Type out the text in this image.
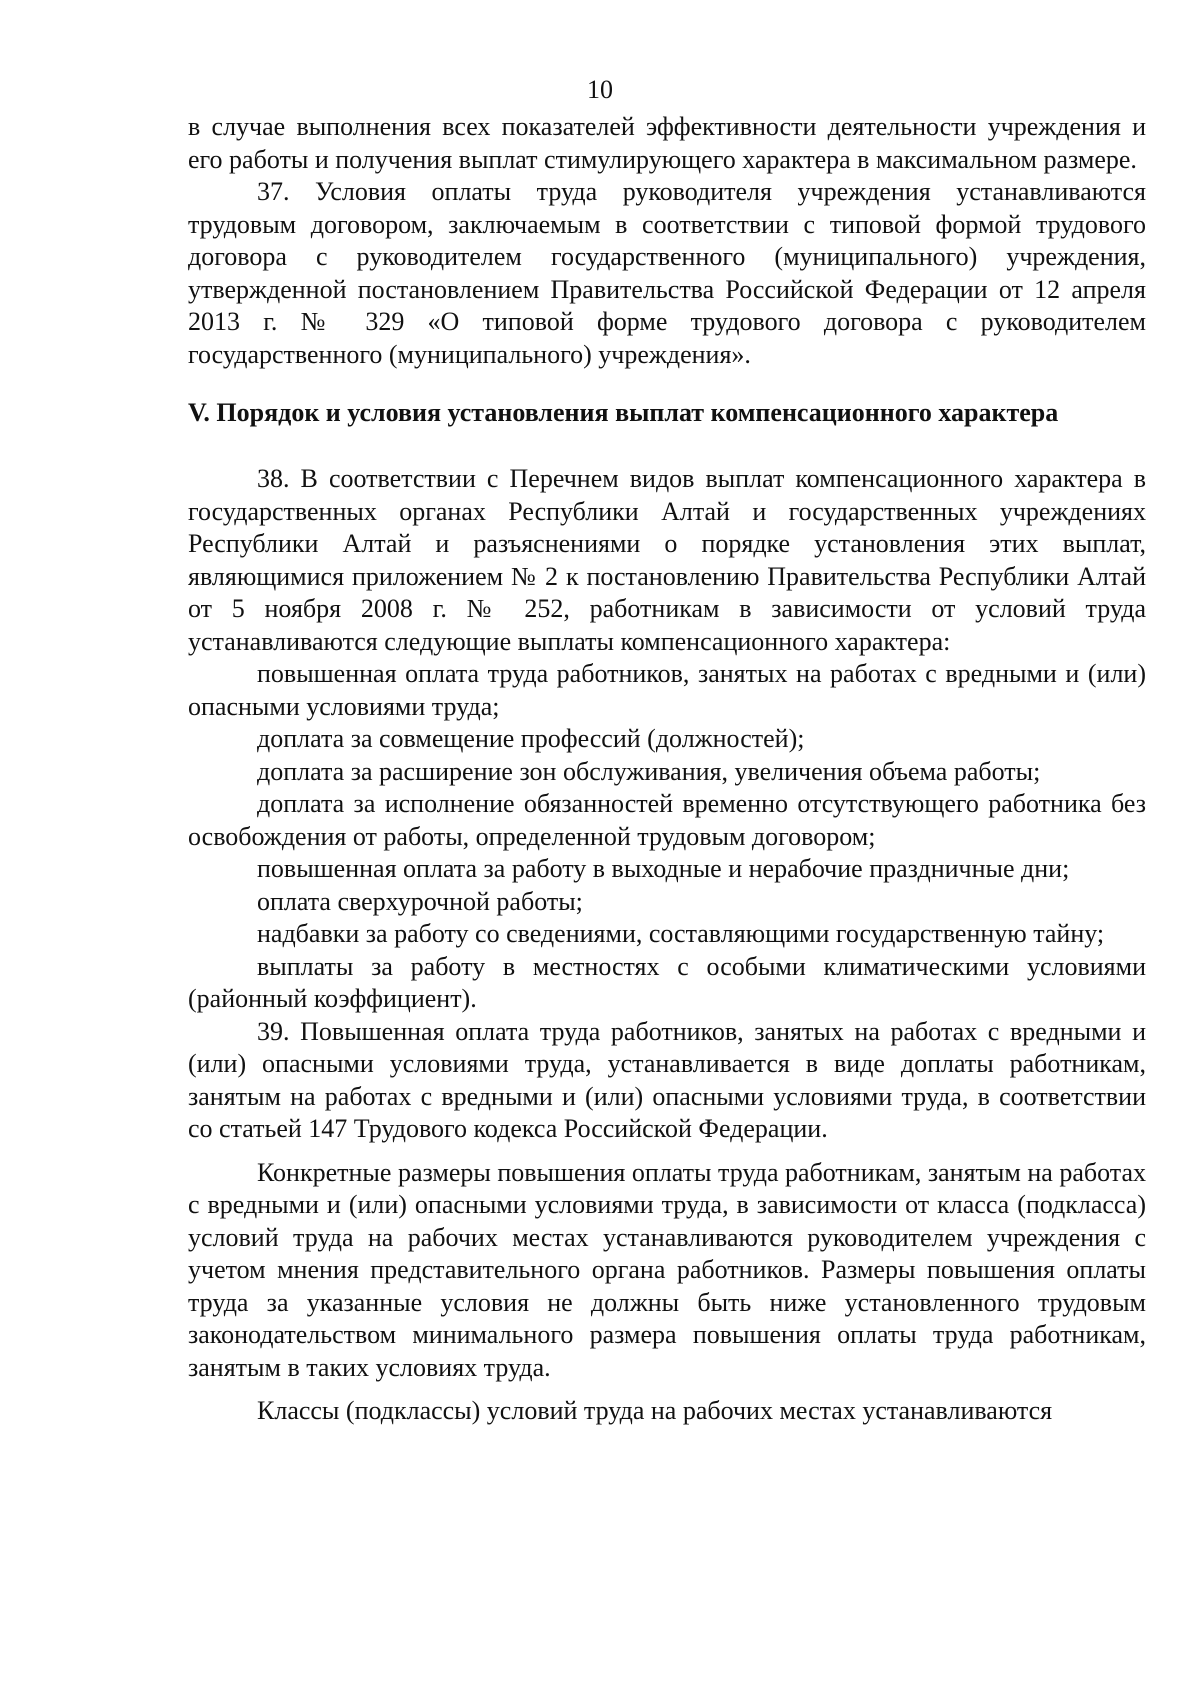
10

в случае выполнения всех показателей эффективности деятельности учреждения и его работы и получения выплат стимулирующего характера в максимальном размере.

37. Условия оплаты труда руководителя учреждения устанавливаются трудовым договором, заключаемым в соответствии с типовой формой трудового договора с руководителем государственного (муниципального) учреждения, утвержденной постановлением Правительства Российской Федерации от 12 апреля 2013 г. № 329 «О типовой форме трудового договора с руководителем государственного (муниципального) учреждения».

V. Порядок и условия установления выплат компенсационного характера

38. В соответствии с Перечнем видов выплат компенсационного характера в государственных органах Республики Алтай и государственных учреждениях Республики Алтай и разъяснениями о порядке установления этих выплат, являющимися приложением № 2 к постановлению Правительства Республики Алтай от 5 ноября 2008 г. № 252, работникам в зависимости от условий труда устанавливаются следующие выплаты компенсационного характера:

повышенная оплата труда работников, занятых на работах с вредными и (или) опасными условиями труда;

доплата за совмещение профессий (должностей);

доплата за расширение зон обслуживания, увеличения объема работы;

доплата за исполнение обязанностей временно отсутствующего работника без освобождения от работы, определенной трудовым договором;

повышенная оплата за работу в выходные и нерабочие праздничные дни;

оплата сверхурочной работы;

надбавки за работу со сведениями, составляющими государственную тайну;

выплаты за работу в местностях с особыми климатическими условиями (районный коэффициент).

39. Повышенная оплата труда работников, занятых на работах с вредными и (или) опасными условиями труда, устанавливается в виде доплаты работникам, занятым на работах с вредными и (или) опасными условиями труда, в соответствии со статьей 147 Трудового кодекса Российской Федерации.

Конкретные размеры повышения оплаты труда работникам, занятым на работах с вредными и (или) опасными условиями труда, в зависимости от класса (подкласса) условий труда на рабочих местах устанавливаются руководителем учреждения с учетом мнения представительного органа работников. Размеры повышения оплаты труда за указанные условия не должны быть ниже установленного трудовым законодательством минимального размера повышения оплаты труда работникам, занятым в таких условиях труда.

Классы (подклассы) условий труда на рабочих местах устанавливаются
